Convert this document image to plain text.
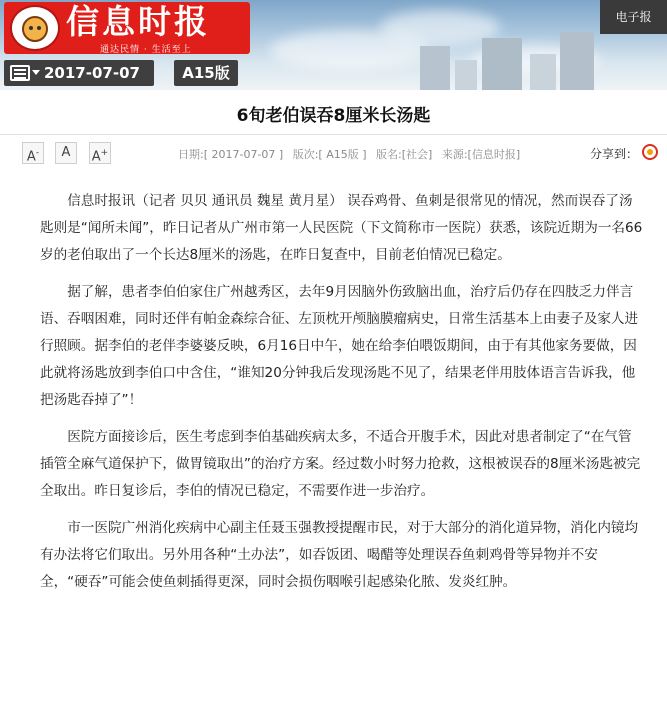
信息时报
通达民情 · 生活至上
电子报
2017-07-07	A15版
6旬老伯误吞8厘米长汤匙
A-	A	A+	日期:[ 2017-07-07 ] 版次:[ A15版 ] 版名:[社会] 来源:[信息时报]	分享到：

信息时报讯（记者 贝贝 通讯员 魏星 黄月星） 误吞鸡骨、鱼刺是很常见的情况，然而误吞了汤匙则是“闻所未闻”，昨日记者从广州市第一人民医院（下文简称市一医院）获悉，该院近期为一名66岁的老伯取出了一个长达8厘米的汤匙，在昨日复查中，目前老伯情况已稳定。

据了解，患者李伯伯家住广州越秀区，去年9月因脑外伤致脑出血，治疗后仍存在四肢乏力伴言语、吞咽困难，同时还伴有帕金森综合征、左顶枕开颅脑膜瘤病史，日常生活基本上由妻子及家人进行照顾。据李伯的老伴李婆婆反映，6月16日中午，她在给李伯喂饭期间，由于有其他家务要做，因此就将汤匙放到李伯口中含住，“谁知20分钟我后发现汤匙不见了，结果老伴用肢体语言告诉我，他把汤匙吞掉了”！

医院方面接诊后，医生考虑到李伯基础疾病太多，不适合开腹手术，因此对患者制定了“在气管插管全麻气道保护下，做胃镜取出”的治疗方案。经过数小时努力抢救，这根被误吞的8厘米汤匙被完全取出。昨日复诊后，李伯的情况已稳定，不需要作进一步治疗。

市一医院广州消化疾病中心副主任聂玉强教授提醒市民，对于大部分的消化道异物，消化内镜均有办法将它们取出。另外用各种“土办法”，如吞饭团、喝醋等处理误吞鱼刺鸡骨等异物并不安全，“硬吞”可能会使鱼刺插得更深，同时会损伤咽喉引起感染化脓、发炎红肿。
